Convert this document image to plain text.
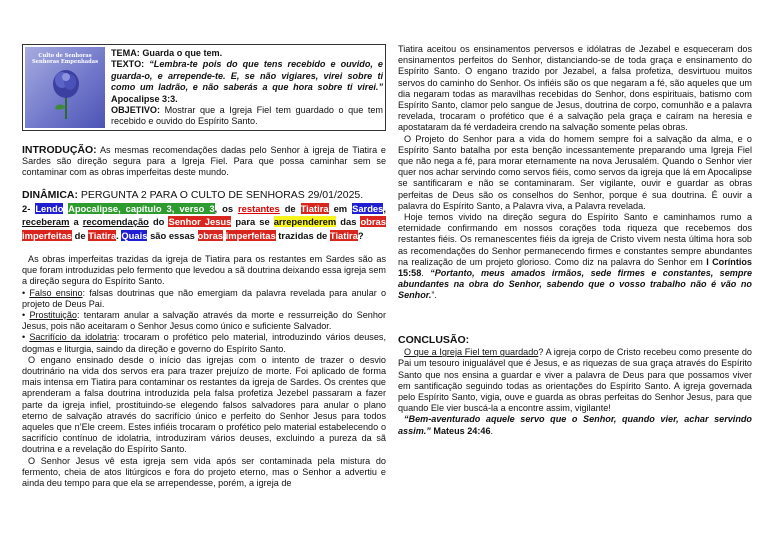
Culto de Senhoras
Senhoras Empenhadas

TEMA: Guarda o que tem.

TEXTO: “Lembra-te pois do que tens recebido e ouvido, e guarda-o, e arrepende-te. E, se não vigiares, virei sobre ti como um ladrão, e não saberás a que hora sobre ti virei.” Apocalipse 3:3.

OBJETIVO: Mostrar que a Igreja Fiel tem guardado o que tem recebido e ouvido do Espírito Santo.

INTRODUÇÃO: As mesmas recomendações dadas pelo Senhor à igreja de Tiatira e Sardes são direção segura para a Igreja Fiel. Para que possa caminhar sem se contaminar com as obras imperfeitas deste mundo.
DINÂMICA: PERGUNTA 2 PARA O CULTO DE SENHORAS 29/01/2025.
2- Lendo Apocalipse, capítulo 3, verso 3, os restantes de Tiatira em Sardes, receberam a recomendação do Senhor Jesus para se arrependerem das obras imperfeitas de Tiatira. Quais são essas obras imperfeitas trazidas de Tiatira?

As obras imperfeitas trazidas da igreja de Tiatira para os restantes em Sardes são as que foram introduzidas pelo fermento que levedou a sã doutrina deixando essa igreja sem a direção segura do Espírito Santo.

• Falso ensino: falsas doutrinas que não emergiam da palavra revelada para anular o projeto de Deus Pai.

• Prostituição: tentaram anular a salvação através da morte e ressurreição do Senhor Jesus, pois não aceitaram o Senhor Jesus como único e suficiente Salvador.

• Sacrifício da idolatria: trocaram o profético pelo material, introduzindo vários deuses, dogmas e liturgia, saindo da direção e governo do Espírito Santo.

O engano ensinado desde o início das igrejas com o intento de trazer o desvio doutrinário na vida dos servos era para trazer prejuízo de morte. Foi aplicado de forma mais intensa em Tiatira para contaminar os restantes da igreja de Sardes. Os crentes que aprenderam a falsa doutrina introduzida pela falsa profetiza Jezebel passaram a fazer parte da igreja infiel, prostituindo-se elegendo falsos salvadores para anular o plano eterno de salvação através do sacrifício único e perfeito do Senhor Jesus para todos aqueles que n’Ele creem. Estes infiéis trocaram o profético pelo material estabelecendo o sacrifício contínuo de idolatria, introduziram vários deuses, excluindo a pureza da sã doutrina e a revelação do Espírito Santo.

O Senhor Jesus vê esta igreja sem vida após ser contaminada pela mistura do fermento, cheia de atos litúrgicos e fora do projeto eterno, mas o Senhor a advertiu e ainda deu tempo para que ela se arrependesse, porém, a igreja de

Tiatira aceitou os ensinamentos perversos e idólatras de Jezabel e esqueceram dos ensinamentos perfeitos do Senhor, distanciando-se de toda graça e ensinamento do Espírito Santo. O engano trazido por Jezabel, a falsa profetiza, desvirtuou muitos servos do caminho do Senhor. Os infiéis são os que negaram a fé, são aqueles que um dia negaram todas as maravilhas recebidas do Senhor, dons espirituais, batismo com Espírito Santo, clamor pelo sangue de Jesus, doutrina de corpo, comunhão e a palavra revelada, trocaram o profético que é a salvação pela graça e caíram na heresia e apostataram da fé verdadeira crendo na salvação somente pelas obras.

O Projeto do Senhor para a vida do homem sempre foi a salvação da alma, e o Espírito Santo batalha por esta benção incessantemente preparando uma Igreja Fiel que não nega a fé, para morar eternamente na nova Jerusalém. Quando o Senhor vier quer nos achar servindo como servos fiéis, como servos da igreja que lá em Apocalipse se santificaram e não se contaminaram. Ser vigilante, ouvir e guardar as obras perfeitas de Deus são os conselhos do Senhor, porque é sua doutrina. É ouvir a palavra do Espírito Santo, a Palavra viva, a Palavra revelada.

Hoje temos vivido na direção segura do Espírito Santo e caminhamos rumo a eternidade confirmando em nossos corações toda riqueza que recebemos dos restantes fiéis. Os remanescentes fiéis da igreja de Cristo vivem nesta última hora sob as recomendações do Senhor permanecendo firmes e constantes sempre abundantes na realização de um projeto glorioso. Como diz na palavra do Senhor em I Coríntios 15:58. “Portanto, meus amados irmãos, sede firmes e constantes, sempre abundantes na obra do Senhor, sabendo que o vosso trabalho não é vão no Senhor.”.

CONCLUSÃO:

O que a Igreja Fiel tem guardado? A igreja corpo de Cristo recebeu como presente do Pai um tesouro inigualável que é Jesus, e as riquezas de sua graça através do Espírito Santo que nos ensina a guardar e viver a palavra de Deus para que possamos viver em santificação seguindo todas as orientações do Espírito Santo. A igreja governada pelo Espírito Santo, vigia, ouve e guarda as obras perfeitas do Senhor Jesus, para que quando Ele vier buscá-la a encontre assim, vigilante!

“Bem-aventurado aquele servo que o Senhor, quando vier, achar servindo assim.” Mateus 24:46.
